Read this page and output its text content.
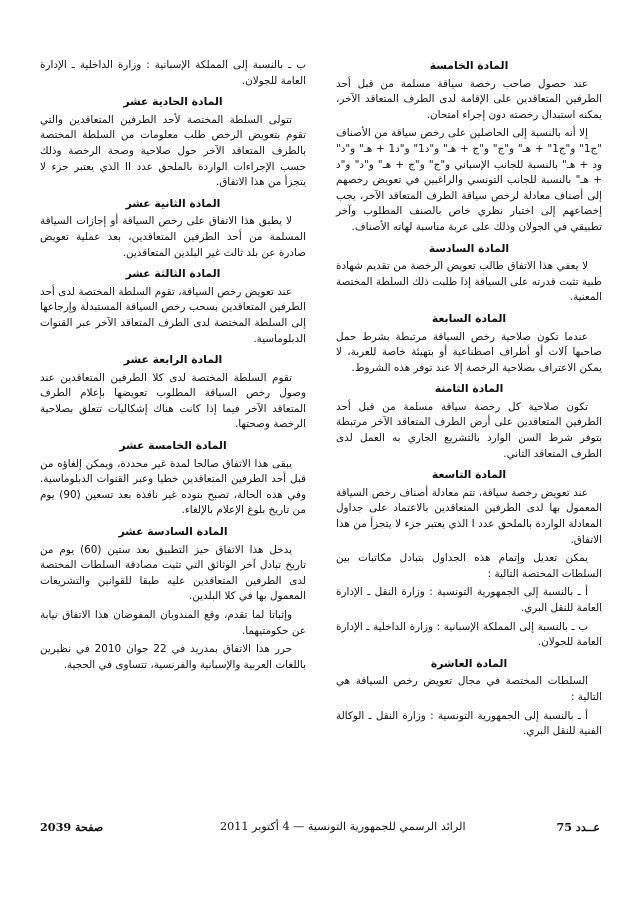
المادة الخامسة

عند حصول صاحب رخصة سياقة مسلمة من قبل أحد الطرفين المتعاقدين على الإقامة لدى الطرف المتعاقد الآخر، يمكنه استبدال رخصته دون إجراء امتحان.

إلا أنه بالنسبة إلى الحاصلين على رخص سياقة من الأصناف "ج1" و"ج1" + هـ" و"ج" و"ج + هـ" و"د1" و"د1 + هـ" و"د" ود + هـ" بالنسبة للجانب الإسباني و"ج" و"ج + هـ" و"د" و"د + هـ" بالنسبة للجانب التونسي والراغبين في تعويض رخصهم إلى أصناف معادلة لرخص سياقة الطرف المتعاقد الآخر، يجب إخضاعهم إلى اختبار نظري خاص بالصنف المطلوب وآخر تطبيقي في الجولان وذلك على عربة مناسبة لهاته الأصناف.

المادة السادسة

لا يعفي هذا الاتفاق طالب تعويض الرخصة من تقديم شهادة طبية تثبت قدرته على السياقة إذا طلبت ذلك السلطة المختصة المعنية.

المادة السابعة

عندما تكون صلاحية رخص السياقة مرتبطة بشرط حمل صاحبها آلات أو أطراف اصطناعية أو بتهيئة خاصة للعربة، لا يمكن الاعتراف بصلاحية الرخصة إلا عند توفر هذه الشروط.

المادة الثامنة

تكون صلاحية كل رخصة سياقة مسلمة من قبل أحد الطرفين المتعاقدين على أرض الطرف المتعاقد الآخر مرتبطة بتوفر شرط السن الوارد بالتشريع الجاري به العمل لدى الطرف المتعاقد الثاني.

المادة التاسعة

عند تعويض رخصة سياقة، تتم معادلة أصناف رخص السياقة المعمول بها لدى الطرفين المتعاقدين بالاعتماد على جداول المعادلة الواردة بالملحق عدد I الذي يعتبر جزء لا يتجزأ من هذا الاتفاق.

يمكن تعديل وإتمام هذه الجداول بتبادل مكاتبات بين السلطات المختصة التالية :

أ ـ بالنسبة إلى الجمهورية التونسية : وزارة النقل ـ الإدارة العامة للنقل البري.

ب ـ بالنسبة إلى المملكة الإسبانية : وزارة الداخلية ـ الإدارة العامة للجولان.

المادة العاشرة

السلطات المختصة في مجال تعويض رخص السياقة هي التالية :

أ ـ بالنسبة إلى الجمهورية التونسية : وزارة النقل ـ الوكالة الفنية للنقل البري.

ب ـ بالنسبة إلى المملكة الإسبانية : وزارة الداخلية ـ الإدارة العامة للجولان.

المادة الحادية عشر

تتولى السلطة المختصة لأحد الطرفين المتعاقدين والتي تقوم بتعويض الرخص طلب معلومات من السلطة المختصة بالطرف المتعاقد الآخر حول صلاحية وصحة الرخصة وذلك حسب الإجراءات الواردة بالملحق عدد II الذي يعتبر جزء لا يتجزأ من هذا الاتفاق.

المادة الثانية عشر

لا يطبق هذا الاتفاق على رخص السياقة أو إجازات السياقة المسلمة من أحد الطرفين المتعاقدين، بعد عملية تعويض صادرة عن بلد ثالث غير البلدين المتعاقدين.

المادة الثالثة عشر

عند تعويض رخص السياقة، تقوم السلطة المختصة لدى أحد الطرفين المتعاقدين بسحب رخص السياقة المستبدلة وإرجاعها إلى السلطة المختصة لدى الطرف المتعاقد الآخر عبر القنوات الدبلوماسية.

المادة الرابعة عشر

تقوم السلطة المختصة لدى كلا الطرفين المتعاقدين عند وصول رخص السياقة المطلوب تعويضها بإعلام الطرف المتعاقد الآخر فيما إذا كانت هناك إشكاليات تتعلق بصلاحية الرخصة وصحتها.

المادة الخامسة عشر

يبقى هذا الاتفاق صالحا لمدة غير محددة، ويمكن إلغاؤه من قبل أحد الطرفين المتعاقدين خطيا وعبر القنوات الدبلوماسية. وفي هذه الحالة، تصبح بنوده غير نافذة بعد تسعين (90) يوم من تاريخ بلوغ الإعلام بالإلغاء.

المادة السادسة عشر

يدخل هذا الاتفاق حيز التطبيق بعد ستين (60) يوم من تاريخ تبادل آخر الوثائق التي تثبت مصادقة السلطات المختصة لدى الطرفين المتعاقدين عليه طبقا للقوانين والتشريعات المعمول بها في كلا البلدين.

وإثباتا لما تقدم، وقع المندوبان المفوضان هذا الاتفاق نيابة عن حكومتيهما.

حرر هذا الاتفاق بمدريد في 22 جوان 2010 في نظيرين باللغات العربية والإسبانية والفرنسية، تتساوى في الحجية.

عــدد 75
الرائد الرسمي للجمهورية التونسية — 4 أكتوبر 2011
صفحة 2039
